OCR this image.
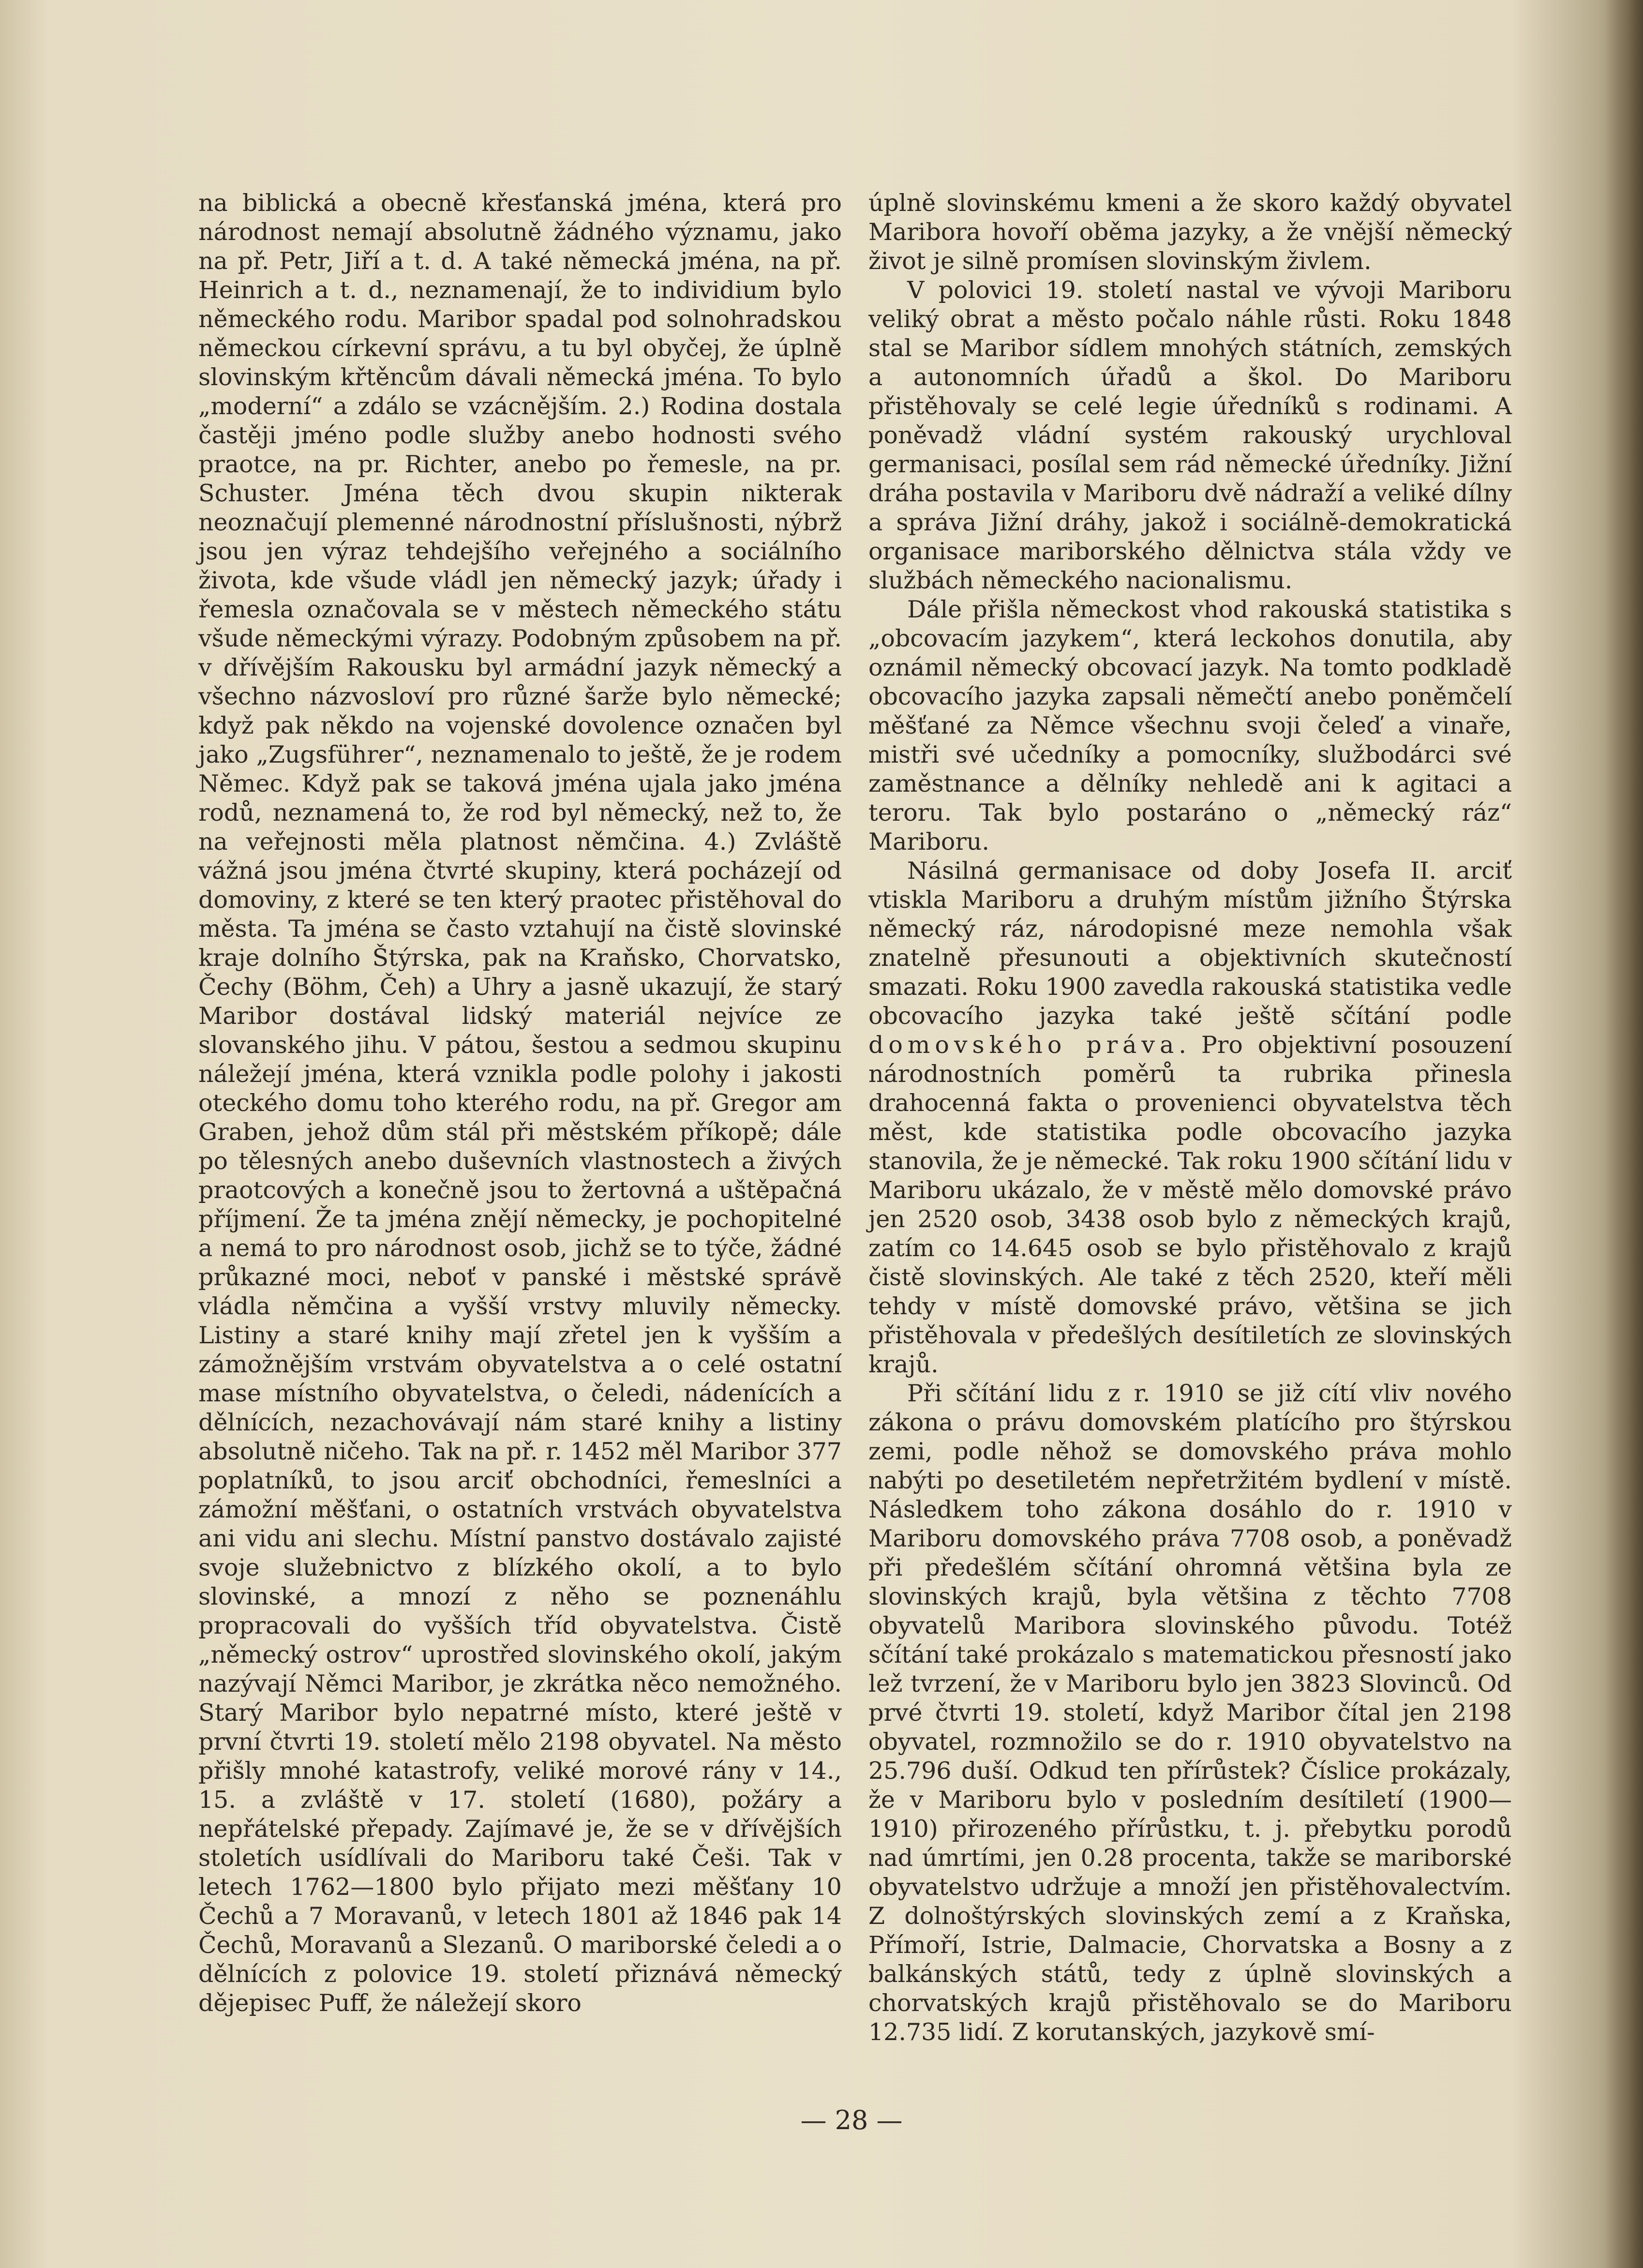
na biblická a obecně křesťanská jména, která pro národnost nemají absolutně žádného významu, jako na př. Petr, Jiří a t. d. A také německá jména, na př. Heinrich a t. d., neznamenají, že to individium bylo německého rodu. Maribor spadal pod solnohradskou německou církevní správu, a tu byl obyčej, že úplně slovinským křtěncům dávali německá jména. To bylo „moderní“ a zdálo se vzácnějším. 2.) Rodina dostala častěji jméno podle služby anebo hodnosti svého praotce, na pr. Richter, anebo po řemesle, na pr. Schuster. Jména těch dvou skupin nikterak neoznačují plemenné národnostní příslušnosti, nýbrž jsou jen výraz tehdejšího veřejného a sociálního života, kde všude vládl jen německý jazyk; úřady i řemesla označovala se v městech německého státu všude německými výrazy. Podobným způsobem na př. v dřívějším Rakousku byl armádní jazyk německý a všechno názvosloví pro různé šarže bylo německé; když pak někdo na vojenské dovolence označen byl jako „Zugsführer“, neznamenalo to ještě, že je rodem Němec. Když pak se taková jména ujala jako jména rodů, neznamená to, že rod byl německý, než to, že na veřejnosti měla platnost němčina. 4.) Zvláště vážná jsou jména čtvrté skupiny, která pocházejí od domoviny, z které se ten který praotec přistěhoval do města. Ta jména se často vztahují na čistě slovinské kraje dolního Štýrska, pak na Kraňsko, Chorvatsko, Čechy (Böhm, Čeh) a Uhry a jasně ukazují, že starý Maribor dostával lidský materiál nejvíce ze slovanského jihu. V pátou, šestou a sedmou skupinu náležejí jména, která vznikla podle polohy i jakosti oteckého domu toho kterého rodu, na př. Gregor am Graben, jehož dům stál při městském příkopě; dále po tělesných anebo duševních vlastnostech a živých praotcových a konečně jsou to žertovná a uštěpačná příjmení. Že ta jména znějí německy, je pochopitelné a nemá to pro národnost osob, jichž se to týče, žádné průkazné moci, neboť v panské i městské správě vládla němčina a vyšší vrstvy mluvily německy. Listiny a staré knihy mají zřetel jen k vyšším a zámožnějším vrstvám obyvatelstva a o celé ostatní mase místního obyvatelstva, o čeledi, nádenících a dělnících, nezachovávají nám staré knihy a listiny absolutně ničeho. Tak na př. r. 1452 měl Maribor 377 poplatníků, to jsou arciť obchodníci, řemeslníci a zámožní měšťani, o ostatních vrstvách obyvatelstva ani vidu ani slechu. Místní panstvo dostávalo zajisté svoje služebnictvo z blízkého okolí, a to bylo slovinské, a mnozí z něho se poznenáhlu propracovali do vyšších tříd obyvatelstva. Čistě „německý ostrov“ uprostřed slovinského okolí, jakým nazývají Němci Maribor, je zkrátka něco nemožného. Starý Maribor bylo nepatrné místo, které ještě v první čtvrti 19. století mělo 2198 obyvatel. Na město přišly mnohé katastrofy, veliké morové rány v 14., 15. a zvláště v 17. století (1680), požáry a nepřátelské přepady. Zajímavé je, že se v dřívějších stoletích usídlívali do Mariboru také Češi. Tak v letech 1762—1800 bylo přijato mezi měšťany 10 Čechů a 7 Moravanů, v letech 1801 až 1846 pak 14 Čechů, Moravanů a Slezanů. O mariborské čeledi a o dělnících z polovice 19. století přiznává německý dějepisec Puff, že náležejí skoro

úplně slovinskému kmeni a že skoro každý obyvatel Maribora hovoří oběma jazyky, a že vnější německý život je silně promísen slovinským živlem.

V polovici 19. století nastal ve vývoji Mariboru veliký obrat a město počalo náhle růsti. Roku 1848 stal se Maribor sídlem mnohých státních, zemských a autonomních úřadů a škol. Do Mariboru přistěhovaly se celé legie úředníků s rodinami. A poněvadž vládní systém rakouský urychloval germanisaci, posílal sem rád německé úředníky. Jižní dráha postavila v Mariboru dvě nádraží a veliké dílny a správa Jižní dráhy, jakož i sociálně-demokratická organisace mariborského dělnictva stála vždy ve službách německého nacionalismu.

Dále přišla německost vhod rakouská statistika s „obcovacím jazykem“, která leckohos donutila, aby oznámil německý obcovací jazyk. Na tomto podkladě obcovacího jazyka zapsali němečtí anebo poněmčelí měšťané za Němce všechnu svoji čeleď a vinaře, mistři své učedníky a pomocníky, službodárci své zaměstnance a dělníky nehledě ani k agitaci a teroru. Tak bylo postaráno o „německý ráz“ Mariboru.

Násilná germanisace od doby Josefa II. arciť vtiskla Mariboru a druhým místům jižního Štýrska německý ráz, národopisné meze nemohla však znatelně přesunouti a objektivních skutečností smazati. Roku 1900 zavedla rakouská statistika vedle obcovacího jazyka také ještě sčítání podle domovského práva. Pro objektivní posouzení národnostních poměrů ta rubrika přinesla drahocenná fakta o provenienci obyvatelstva těch měst, kde statistika podle obcovacího jazyka stanovila, že je německé. Tak roku 1900 sčítání lidu v Mariboru ukázalo, že v městě mělo domovské právo jen 2520 osob, 3438 osob bylo z německých krajů, zatím co 14.645 osob se bylo přistěhovalo z krajů čistě slovinských. Ale také z těch 2520, kteří měli tehdy v místě domovské právo, většina se jich přistěhovala v předešlých desítiletích ze slovinských krajů.

Při sčítání lidu z r. 1910 se již cítí vliv nového zákona o právu domovském platícího pro štýrskou zemi, podle něhož se domovského práva mohlo nabýti po desetiletém nepřetržitém bydlení v místě. Následkem toho zákona dosáhlo do r. 1910 v Mariboru domovského práva 7708 osob, a poněvadž při předešlém sčítání ohromná většina byla ze slovinských krajů, byla většina z těchto 7708 obyvatelů Maribora slovinského původu. Totéž sčítání také prokázalo s matematickou přesností jako lež tvrzení, že v Mariboru bylo jen 3823 Slovinců. Od prvé čtvrti 19. století, když Maribor čítal jen 2198 obyvatel, rozmnožilo se do r. 1910 obyvatelstvo na 25.796 duší. Odkud ten přírůstek? Číslice prokázaly, že v Mariboru bylo v posledním desítiletí (1900—1910) přirozeného přírůstku, t. j. přebytku porodů nad úmrtími, jen 0.28 procenta, takže se mariborské obyvatelstvo udržuje a množí jen přistěhovalectvím. Z dolnoštýrských slovinských zemí a z Kraňska, Přímoří, Istrie, Dalmacie, Chorvatska a Bosny a z balkánských států, tedy z úplně slovinských a chorvatských krajů přistěhovalo se do Mariboru 12.735 lidí. Z korutanských, jazykově smí-

— 28 —
